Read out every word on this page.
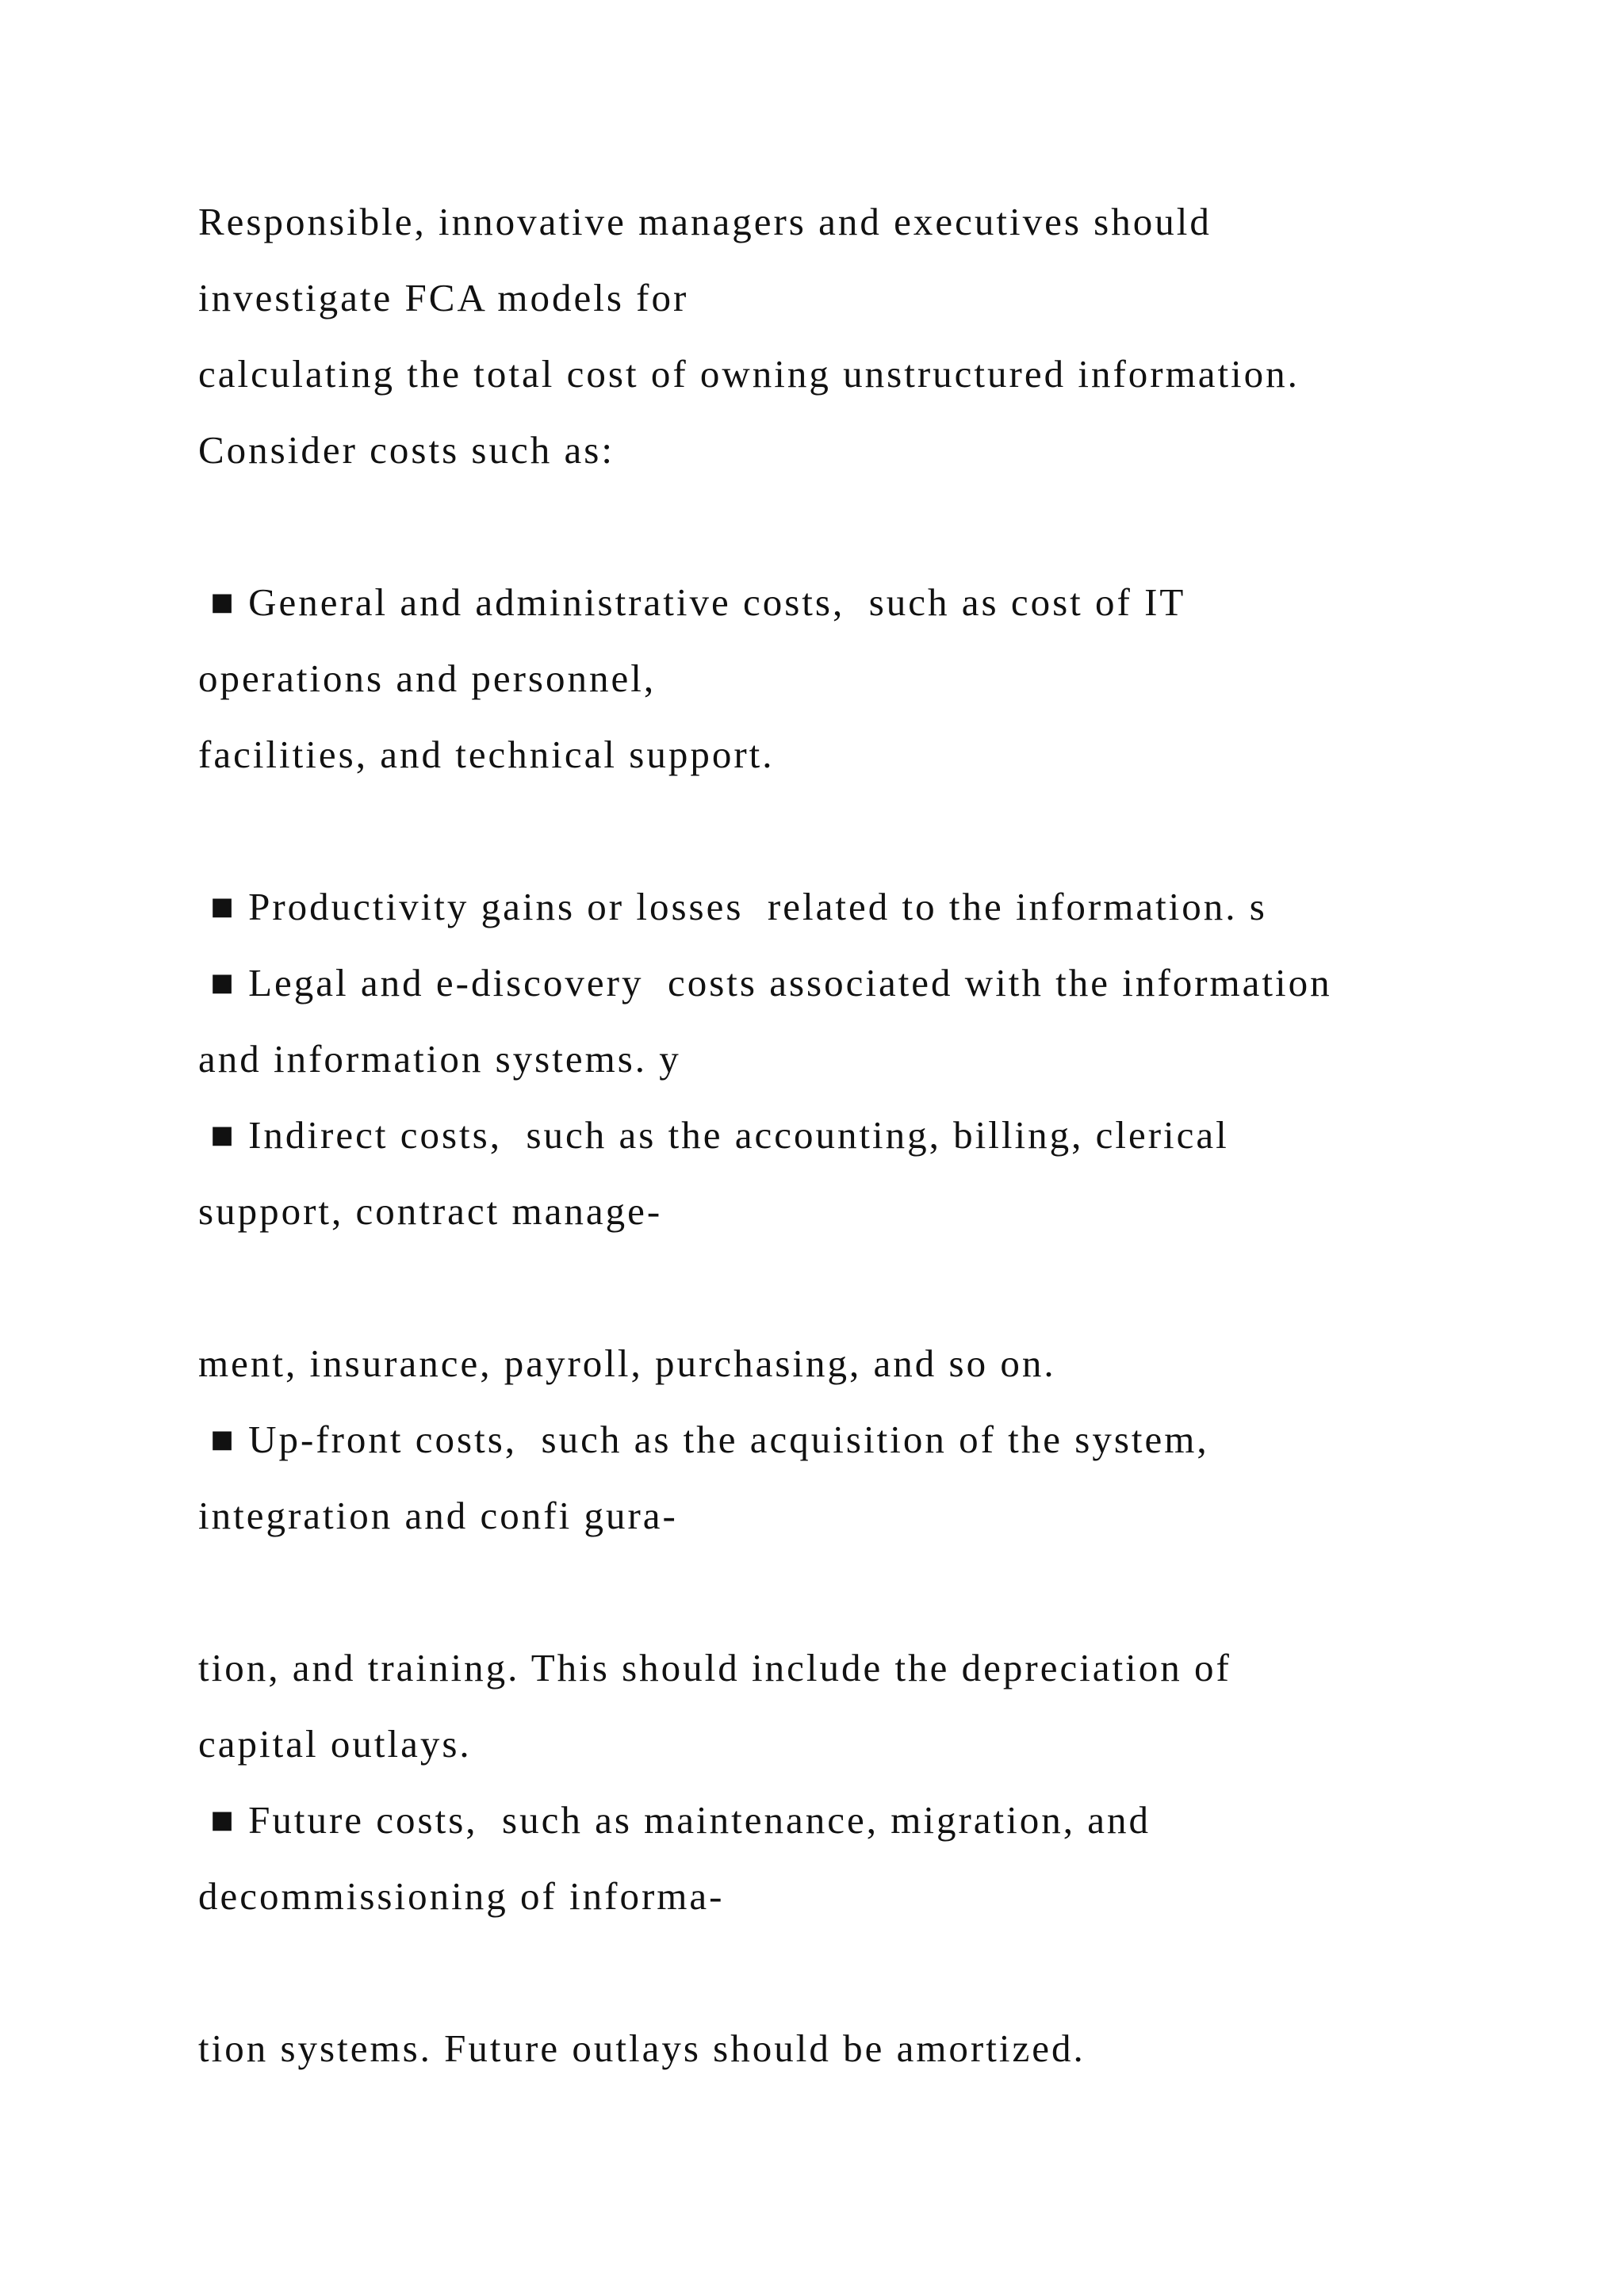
Responsible, innovative managers and executives should
investigate FCA models for
calculating the total cost of owning unstructured information.
Consider costs such as:
■ General and administrative costs,  such as cost of IT
operations and personnel,
facilities, and technical support.
■ Productivity gains or losses  related to the information. s
■ Legal and e-discovery  costs associated with the information
and information systems. y
■ Indirect costs,  such as the accounting, billing, clerical
support, contract manage-
ment, insurance, payroll, purchasing, and so on.
■ Up-front costs,  such as the acquisition of the system,
integration and confi gura-
tion, and training. This should include the depreciation of
capital outlays.
■ Future costs,  such as maintenance, migration, and
decommissioning of informa-
tion systems. Future outlays should be amortized.
